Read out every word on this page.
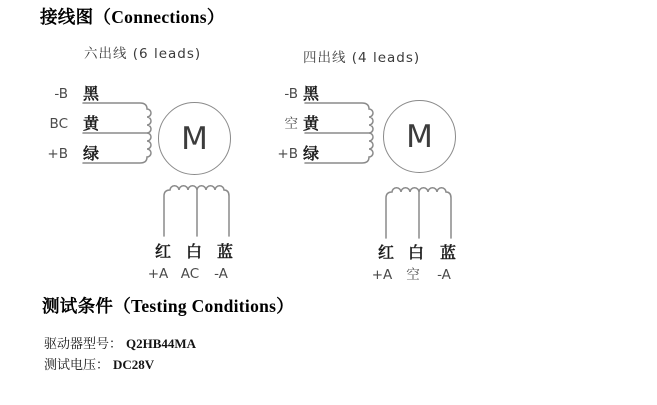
接线图（Connections）
六出线 (6 leads)
-B 黑
BC 黄
+B 绿	M
红 白 蓝
+A AC -A
四出线 (4 leads)
-B 黑
空 黄
+B 绿	M
红 白 蓝
+A 空 -A
测试条件（Testing Conditions）
驱动器型号： Q2HB44MA
测试电压： DC28V
